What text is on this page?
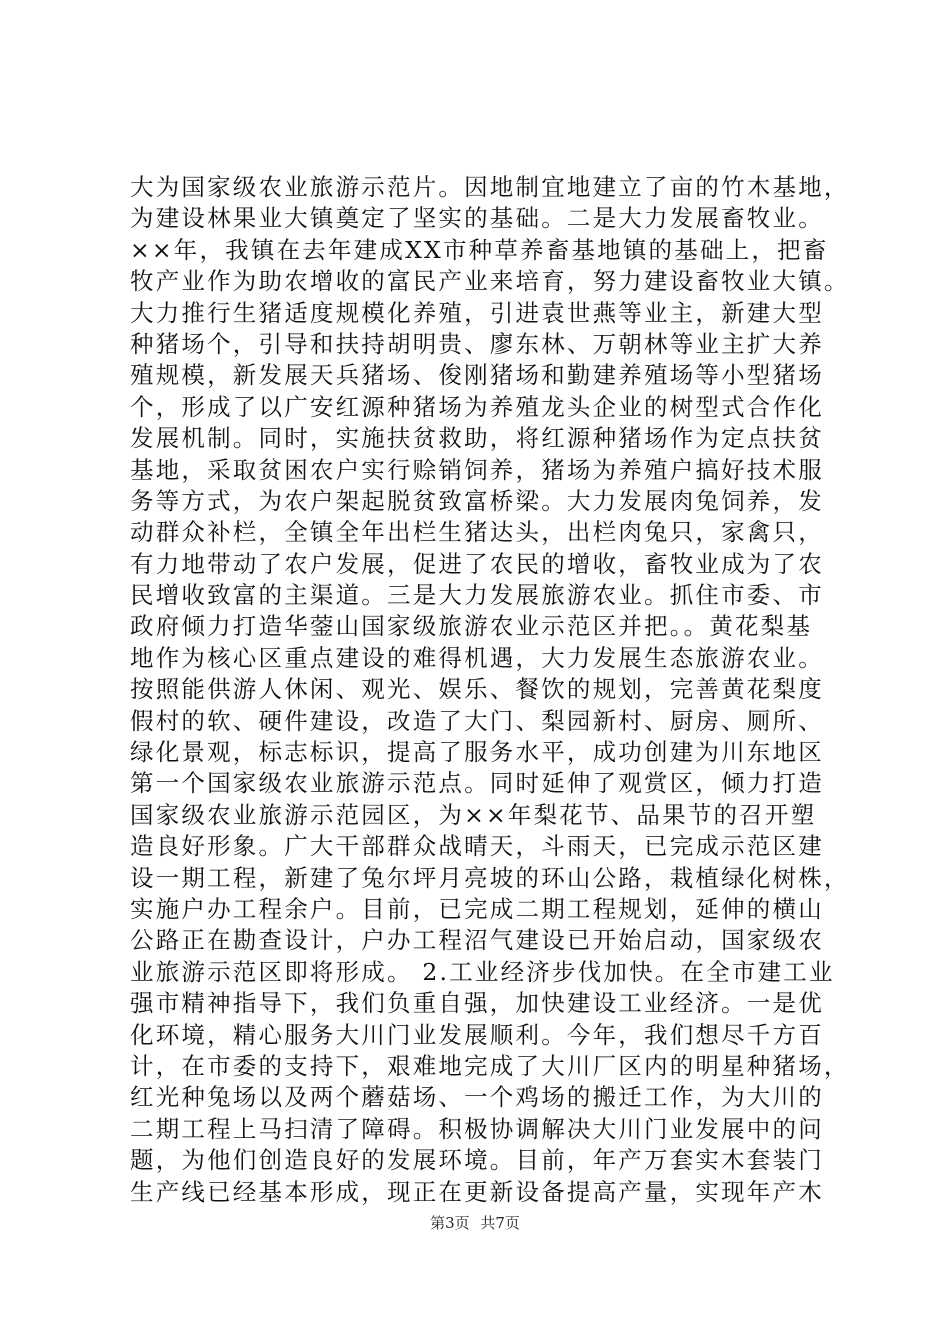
大为国家级农业旅游示范片。因地制宜地建立了亩的竹木基地，
为建设林果业大镇奠定了坚实的基础。二是大力发展畜牧业。
××年，我镇在去年建成XX市种草养畜基地镇的基础上，把畜
牧产业作为助农增收的富民产业来培育，努力建设畜牧业大镇。
大力推行生猪适度规模化养殖，引进袁世燕等业主，新建大型
种猪场个，引导和扶持胡明贵、廖东林、万朝林等业主扩大养
殖规模，新发展天兵猪场、俊刚猪场和勤建养殖场等小型猪场
个，形成了以广安红源种猪场为养殖龙头企业的树型式合作化
发展机制。同时，实施扶贫救助，将红源种猪场作为定点扶贫
基地，采取贫困农户实行赊销饲养，猪场为养殖户搞好技术服
务等方式，为农户架起脱贫致富桥梁。大力发展肉兔饲养，发
动群众补栏，全镇全年出栏生猪达头，出栏肉兔只，家禽只，
有力地带动了农户发展，促进了农民的增收，畜牧业成为了农
民增收致富的主渠道。三是大力发展旅游农业。抓住市委、市
政府倾力打造华蓥山国家级旅游农业示范区并把。。黄花梨基
地作为核心区重点建设的难得机遇，大力发展生态旅游农业。
按照能供游人休闲、观光、娱乐、餐饮的规划，完善黄花梨度
假村的软、硬件建设，改造了大门、梨园新村、厨房、厕所、
绿化景观，标志标识，提高了服务水平，成功创建为川东地区
第一个国家级农业旅游示范点。同时延伸了观赏区，倾力打造
国家级农业旅游示范园区，为××年梨花节、品果节的召开塑
造良好形象。广大干部群众战晴天，斗雨天，已完成示范区建
设一期工程，新建了兔尔坪月亮坡的环山公路，栽植绿化树株，
实施户办工程余户。目前，已完成二期工程规划，延伸的横山
公路正在勘查设计，户办工程沼气建设已开始启动，国家级农
业旅游示范区即将形成。 2.工业经济步伐加快。在全市建工业
强市精神指导下，我们负重自强，加快建设工业经济。一是优
化环境，精心服务大川门业发展顺利。今年，我们想尽千方百
计，在市委的支持下，艰难地完成了大川厂区内的明星种猪场，
红光种兔场以及两个蘑菇场、一个鸡场的搬迁工作，为大川的
二期工程上马扫清了障碍。积极协调解决大川门业发展中的问
题，为他们创造良好的发展环境。目前，年产万套实木套装门
生产线已经基本形成，现正在更新设备提高产量，实现年产木
第3页 共7页
